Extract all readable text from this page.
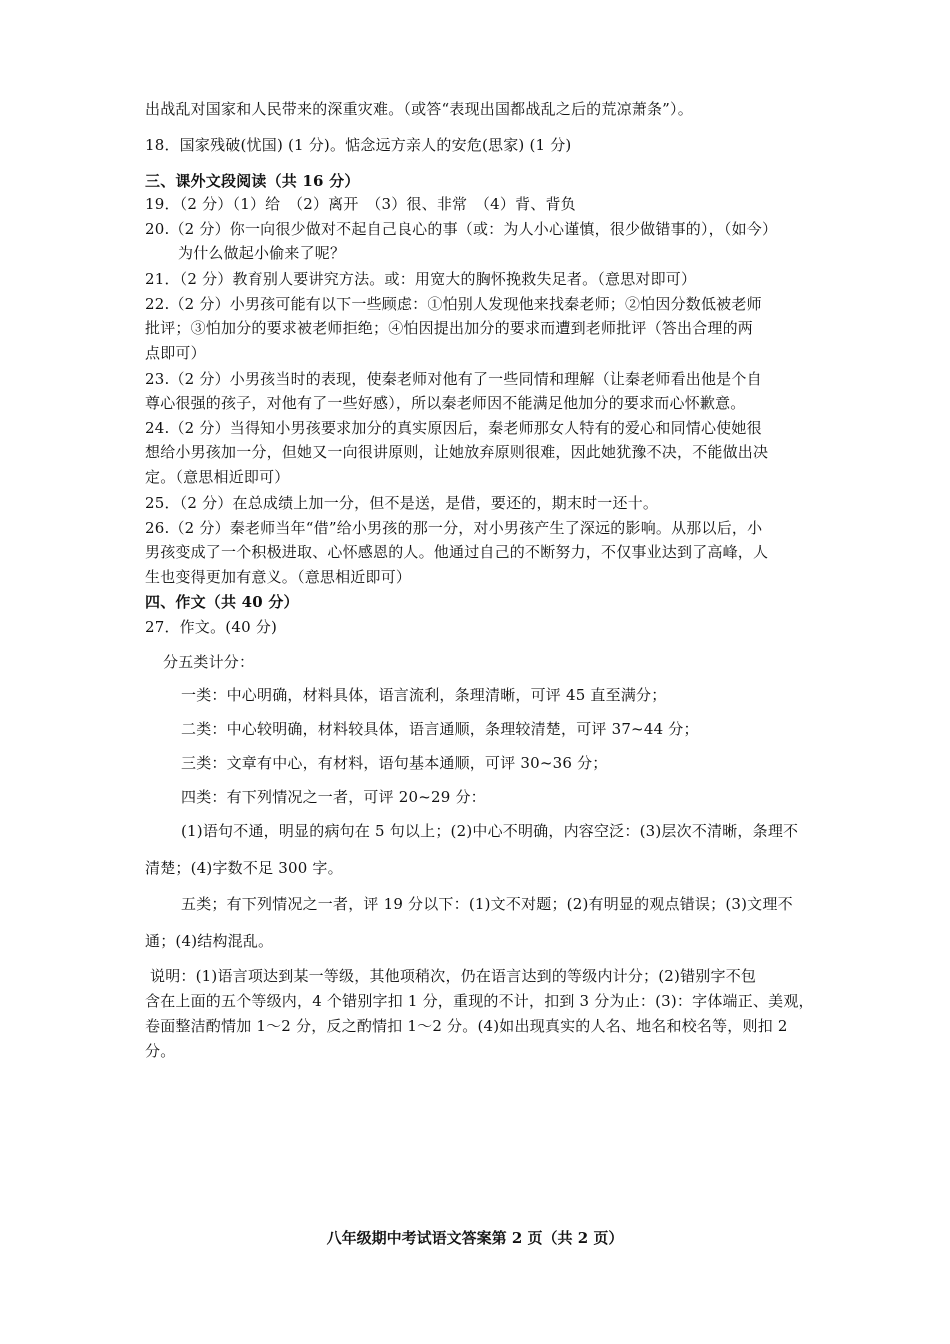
出战乱对国家和人民带来的深重灾难。（或答“表现出国都战乱之后的荒凉萧条”）。
18．国家残破(忧国) (1 分)。惦念远方亲人的安危(思家) (1 分)
三、课外文段阅读（共 16 分）
19．（2 分）（1）给　（2）离开　（3）很、非常　（4）背、背负
20.（2 分）你一向很少做对不起自己良心的事（或：为人小心谨慎，很少做错事的），（如今）
为什么做起小偷来了呢？
21．（2 分）教育别人要讲究方法。或：用宽大的胸怀挽救失足者。（意思对即可）
22.（2 分）小男孩可能有以下一些顾虑：①怕别人发现他来找秦老师；②怕因分数低被老师
批评；③怕加分的要求被老师拒绝；④怕因提出加分的要求而遭到老师批评（答出合理的两
点即可）
23.（2 分）小男孩当时的表现，使秦老师对他有了一些同情和理解（让秦老师看出他是个自
尊心很强的孩子，对他有了一些好感），所以秦老师因不能满足他加分的要求而心怀歉意。
24.（2 分）当得知小男孩要求加分的真实原因后，秦老师那女人特有的爱心和同情心使她很
想给小男孩加一分，但她又一向很讲原则，让她放弃原则很难，因此她犹豫不决，不能做出决
定。（意思相近即可）
25．（2 分）在总成绩上加一分，但不是送，是借，要还的，期末时一还十。
26.（2 分）秦老师当年“借”给小男孩的那一分，对小男孩产生了深远的影响。从那以后，小
男孩变成了一个积极进取、心怀感恩的人。他通过自己的不断努力，不仅事业达到了高峰，人
生也变得更加有意义。（意思相近即可）
四、作文（共 40 分）
27．作文。(40 分)
分五类计分：
一类：中心明确，材料具体，语言流利，条理清晰，可评 45 直至满分；
二类：中心较明确，材料较具体，语言通顺，条理较清楚，可评 37~44 分；
三类：文章有中心，有材料，语句基本通顺，可评 30~36 分；
四类：有下列情况之一者，可评 20~29 分：
(1)语句不通，明显的病句在 5 句以上；(2)中心不明确，内容空泛：(3)层次不清晰，条理不
清楚；(4)字数不足 300 字。
五类；有下列情况之一者，评 19 分以下：(1)文不对题；(2)有明显的观点错误；(3)文理不
通；(4)结构混乱。
说明：(1)语言项达到某一等级，其他项稍次，仍在语言达到的等级内计分；(2)错别字不包
含在上面的五个等级内，4 个错别字扣 1 分，重现的不计，扣到 3 分为止：(3)：字体端正、美观，
卷面整洁酌情加 1～2 分，反之酌情扣 1～2 分。(4)如出现真实的人名、地名和校名等，则扣 2
分。
八年级期中考试语文答案第 2 页（共 2 页）
